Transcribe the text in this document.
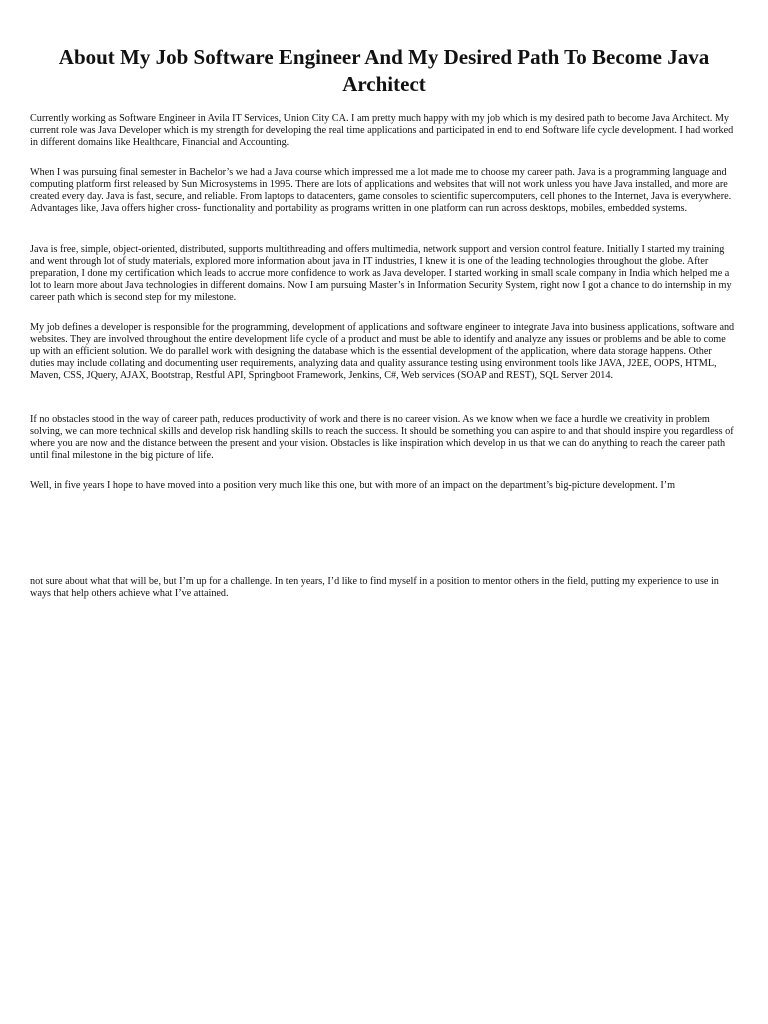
About My Job Software Engineer And My Desired Path To Become Java Architect

Currently working as Software Engineer in Avila IT Services, Union City CA. I am pretty much happy with my job which is my desired path to become Java Architect. My current role was Java Developer which is my strength for developing the real time applications and participated in end to end Software life cycle development. I had worked in different domains like Healthcare, Financial and Accounting.

When I was pursuing final semester in Bachelor’s we had a Java course which impressed me a lot made me to choose my career path. Java is a programming language and computing platform first released by Sun Microsystems in 1995. There are lots of applications and websites that will not work unless you have Java installed, and more are created every day. Java is fast, secure, and reliable. From laptops to datacenters, game consoles to scientific supercomputers, cell phones to the Internet, Java is everywhere. Advantages like, Java offers higher cross- functionality and portability as programs written in one platform can run across desktops, mobiles, embedded systems.

Java is free, simple, object-oriented, distributed, supports multithreading and offers multimedia, network support and version control feature. Initially I started my training and went through lot of study materials, explored more information about java in IT industries, I knew it is one of the leading technologies throughout the globe. After preparation, I done my certification which leads to accrue more confidence to work as Java developer. I started working in small scale company in India which helped me a lot to learn more about Java technologies in different domains. Now I am pursuing Master’s in Information Security System, right now I got a chance to do internship in my career path which is second step for my milestone.

My job defines a developer is responsible for the programming, development of applications and software engineer to integrate Java into business applications, software and websites. They are involved throughout the entire development life cycle of a product and must be able to identify and analyze any issues or problems and be able to come up with an efficient solution. We do parallel work with designing the database which is the essential development of the application, where data storage happens. Other duties may include collating and documenting user requirements, analyzing data and quality assurance testing using environment tools like JAVA, J2EE, OOPS, HTML, Maven, CSS, JQuery, AJAX, Bootstrap, Restful API, Springboot Framework, Jenkins, C#, Web services (SOAP and REST), SQL Server 2014.

If no obstacles stood in the way of career path, reduces productivity of work and there is no career vision. As we know when we face a hurdle we creativity in problem solving, we can more technical skills and develop risk handling skills to reach the success. It should be something you can aspire to and that should inspire you regardless of where you are now and the distance between the present and your vision. Obstacles is like inspiration which develop in us that we can do anything to reach the career path until final milestone in the big picture of life.

Well, in five years I hope to have moved into a position very much like this one, but with more of an impact on the department’s big-picture development. I’m

not sure about what that will be, but I’m up for a challenge. In ten years, I’d like to find myself in a position to mentor others in the field, putting my experience to use in ways that help others achieve what I’ve attained.
